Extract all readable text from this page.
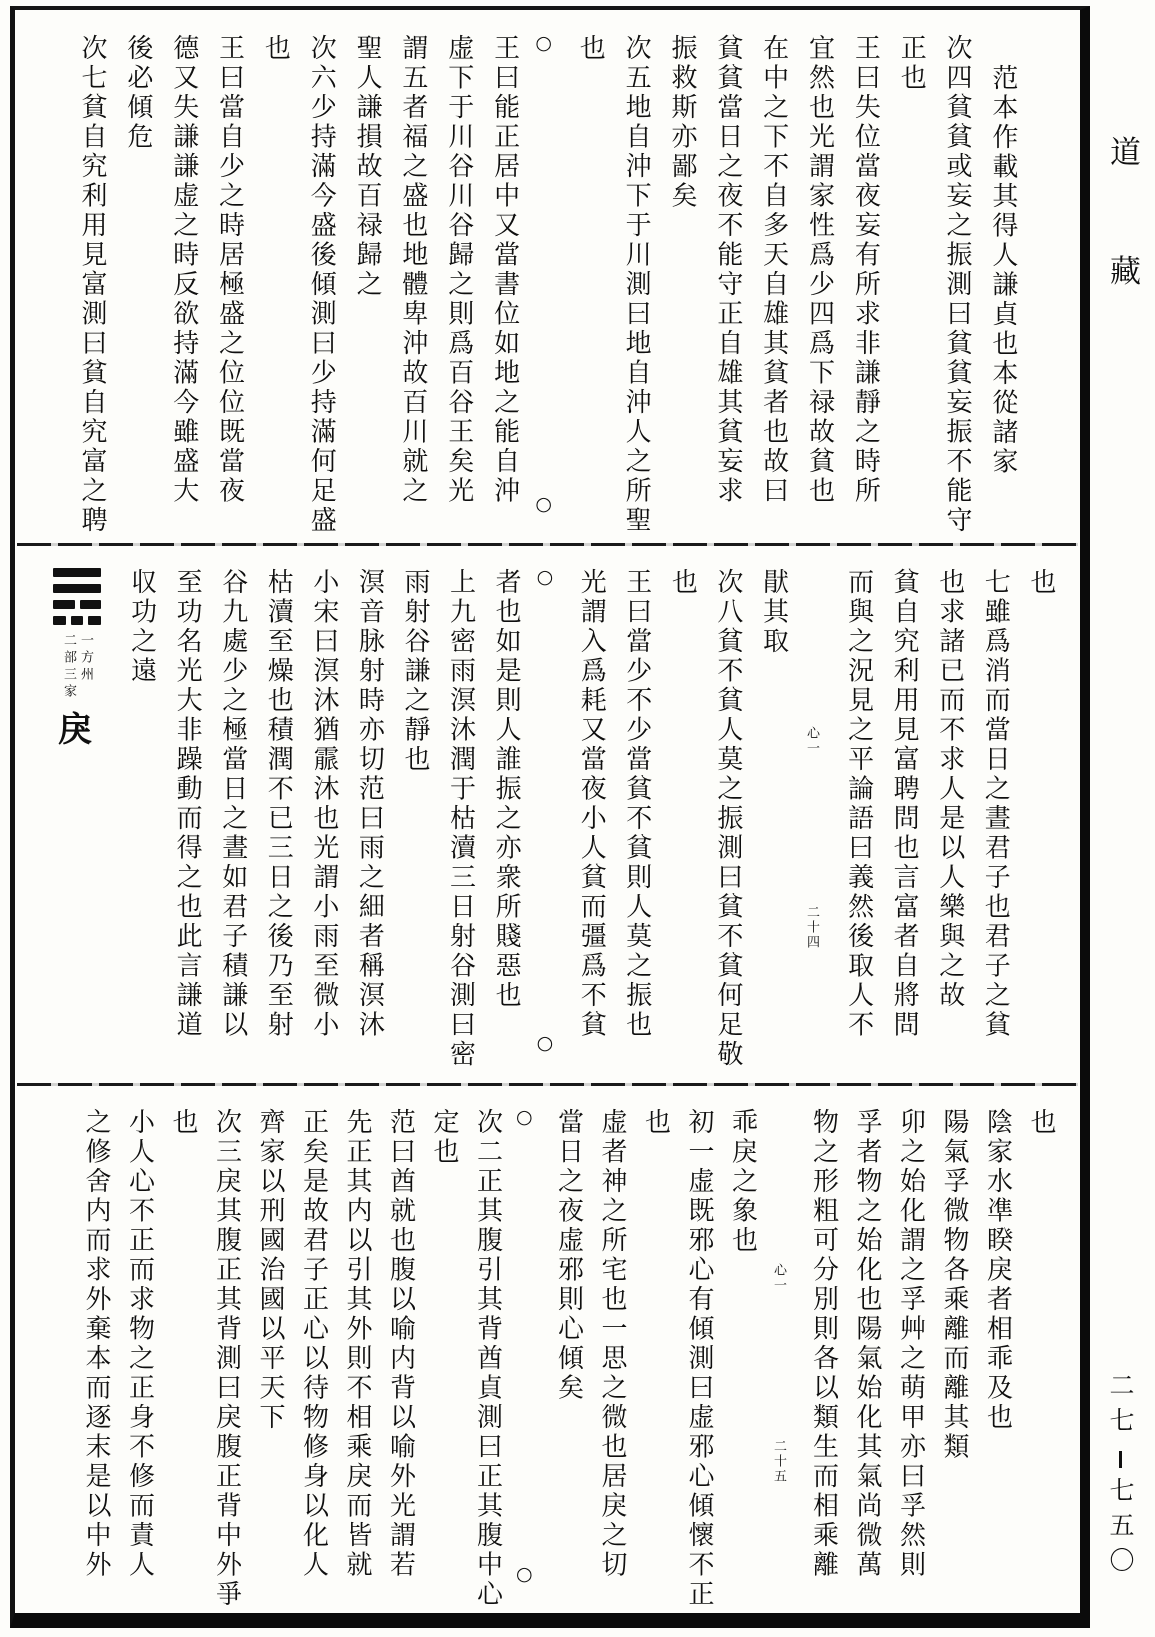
范本作載其得人謙貞也本從諸家
次四貧貧或妄之振測曰貧貧妄振不能守
正也
王曰失位當夜妄有所求非謙靜之時所
宜然也光謂家性爲少四爲下禄故貧也
在中之下不自多天自雄其貧者也故曰
貧貧當日之夜不能守正自雄其貧妄求
振救斯亦鄙矣
次五地自沖下于川測曰地自沖人之所聖
也
○
○
王曰能正居中又當書位如地之能自沖
虚下于川谷川谷歸之則爲百谷王矣光
謂五者福之盛也地體卑沖故百川就之
聖人謙損故百禄歸之
次六少持滿今盛後傾測曰少持滿何足盛
也
王曰當自少之時居極盛之位位既當夜
德又失謙謙虚之時反欲持滿今雖盛大
後必傾危
次七貧自究利用見富測曰貧自究富之聘
也
七雖爲消而當日之晝君子也君子之貧
也求諸已而不求人是以人樂與之故
貧自究利用見富聘問也言富者自將問
而與之況見之平論語曰義然後取人不
心一
二十四
猒其取
次八貧不貧人莫之振測曰貧不貧何足敬
也
王曰當少不少當貧不貧則人莫之振也
光謂入爲耗又當夜小人貧而彊爲不貧
○
○
者也如是則人誰振之亦衆所賤惡也
上九密雨溟沐潤于枯瀆三日射谷測曰密
雨射谷謙之靜也
溟音脉射時亦切范曰雨之細者稱溟沐
小宋曰溟沐猶霢沐也光謂小雨至微小
枯瀆至燥也積潤不已三日之後乃至射
谷九處少之極當日之晝如君子積謙以
至功名光大非躁動而得之也此言謙道
収功之遠
一方州
二部三家
戾
也
陰家水凖睽戾者相乖及也
陽氣孚微物各乘離而離其類
卯之始化謂之孚艸之萌甲亦曰孚然則
孚者物之始化也陽氣始化其氣尚微萬
物之形粗可分別則各以類生而相乘離
心一
二十五
乖戾之象也
初一虚既邪心有傾測曰虚邪心傾懷不正
也
虚者神之所宅也一思之微也居戾之切
當日之夜虚邪則心傾矣
○
○
次二正其腹引其背酋貞測曰正其腹中心
定也
范曰酋就也腹以喻内背以喻外光謂若
先正其内以引其外則不相乘戾而皆就
正矣是故君子正心以待物修身以化人
齊家以刑國治國以平天下
次三戾其腹正其背測曰戾腹正背中外爭
也
小人心不正而求物之正身不修而責人
之修舍内而求外棄本而逐末是以中外
道
藏
二七
七五〇
